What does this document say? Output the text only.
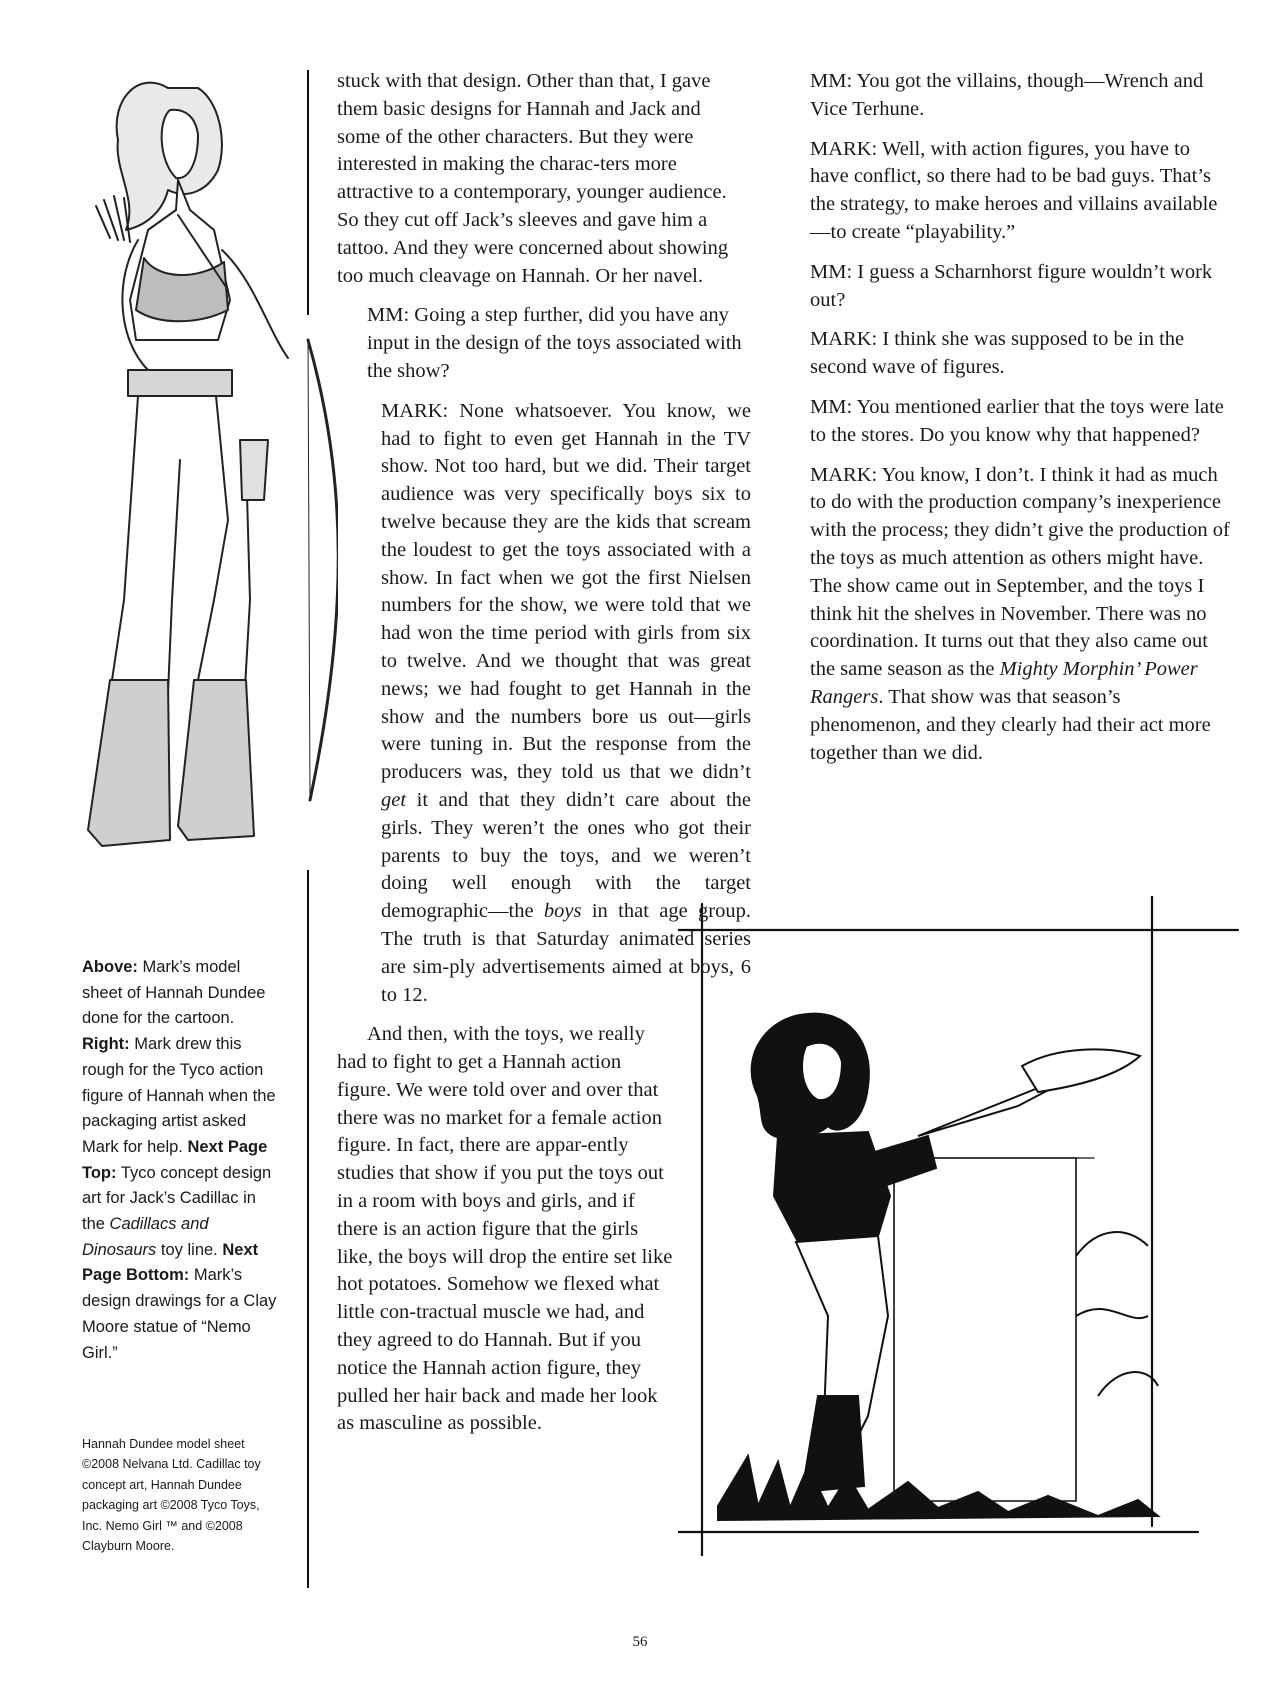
stuck with that design. Other than that, I gave them basic designs for Hannah and Jack and some of the other characters. But they were interested in making the charac-ters more attractive to a contemporary, younger audience. So they cut off Jack’s sleeves and gave him a tattoo. And they were concerned about showing too much cleavage on Hannah. Or her navel.

MM: Going a step further, did you have any input in the design of the toys associated with the show?

MARK: None whatsoever. You know, we had to fight to even get Hannah in the TV show. Not too hard, but we did. Their target audience was very specifically boys six to twelve because they are the kids that scream the loudest to get the toys associated with a show. In fact when we got the first Nielsen numbers for the show, we were told that we had won the time period with girls from six to twelve. And we thought that was great news; we had fought to get Hannah in the show and the numbers bore us out—girls were tuning in. But the response from the producers was, they told us that we didn’t get it and that they didn’t care about the girls. They weren’t the ones who got their parents to buy the toys, and we weren’t doing well enough with the target demographic—the boys in that age group. The truth is that Saturday animated series are sim-ply advertisements aimed at boys, 6 to 12.

And then, with the toys, we really had to fight to get a Hannah action figure. We were told over and over that there was no market for a female action figure. In fact, there are appar-ently studies that show if you put the toys out in a room with boys and girls, and if there is an action figure that the girls like, the boys will drop the entire set like hot potatoes. Somehow we flexed what little con-tractual muscle we had, and they agreed to do Hannah. But if you notice the Hannah action figure, they pulled her hair back and made her look as masculine as possible.

MM: You got the villains, though—Wrench and Vice Terhune.

MARK: Well, with action figures, you have to have conflict, so there had to be bad guys. That’s the strategy, to make heroes and villains available—to create “playability.”

MM: I guess a Scharnhorst figure wouldn’t work out?

MARK: I think she was supposed to be in the second wave of figures.

MM: You mentioned earlier that the toys were late to the stores. Do you know why that happened?

MARK: You know, I don’t. I think it had as much to do with the production company’s inexperience with the process; they didn’t give the production of the toys as much attention as others might have. The show came out in September, and the toys I think hit the shelves in November. There was no coordination. It turns out that they also came out the same season as the Mighty Morphin’ Power Rangers. That show was that season’s phenomenon, and they clearly had their act more together than we did.

Above: Mark’s model sheet of Hannah Dundee done for the cartoon. Right: Mark drew this rough for the Tyco action figure of Hannah when the packaging artist asked Mark for help. Next Page Top: Tyco concept design art for Jack’s Cadillac in the Cadillacs and Dinosaurs toy line. Next Page Bottom: Mark’s design drawings for a Clay Moore statue of “Nemo Girl.”
Hannah Dundee model sheet ©2008 Nelvana Ltd. Cadillac toy concept art, Hannah Dundee packaging art ©2008 Tyco Toys, Inc. Nemo Girl ™ and ©2008 Clayburn Moore.
56
